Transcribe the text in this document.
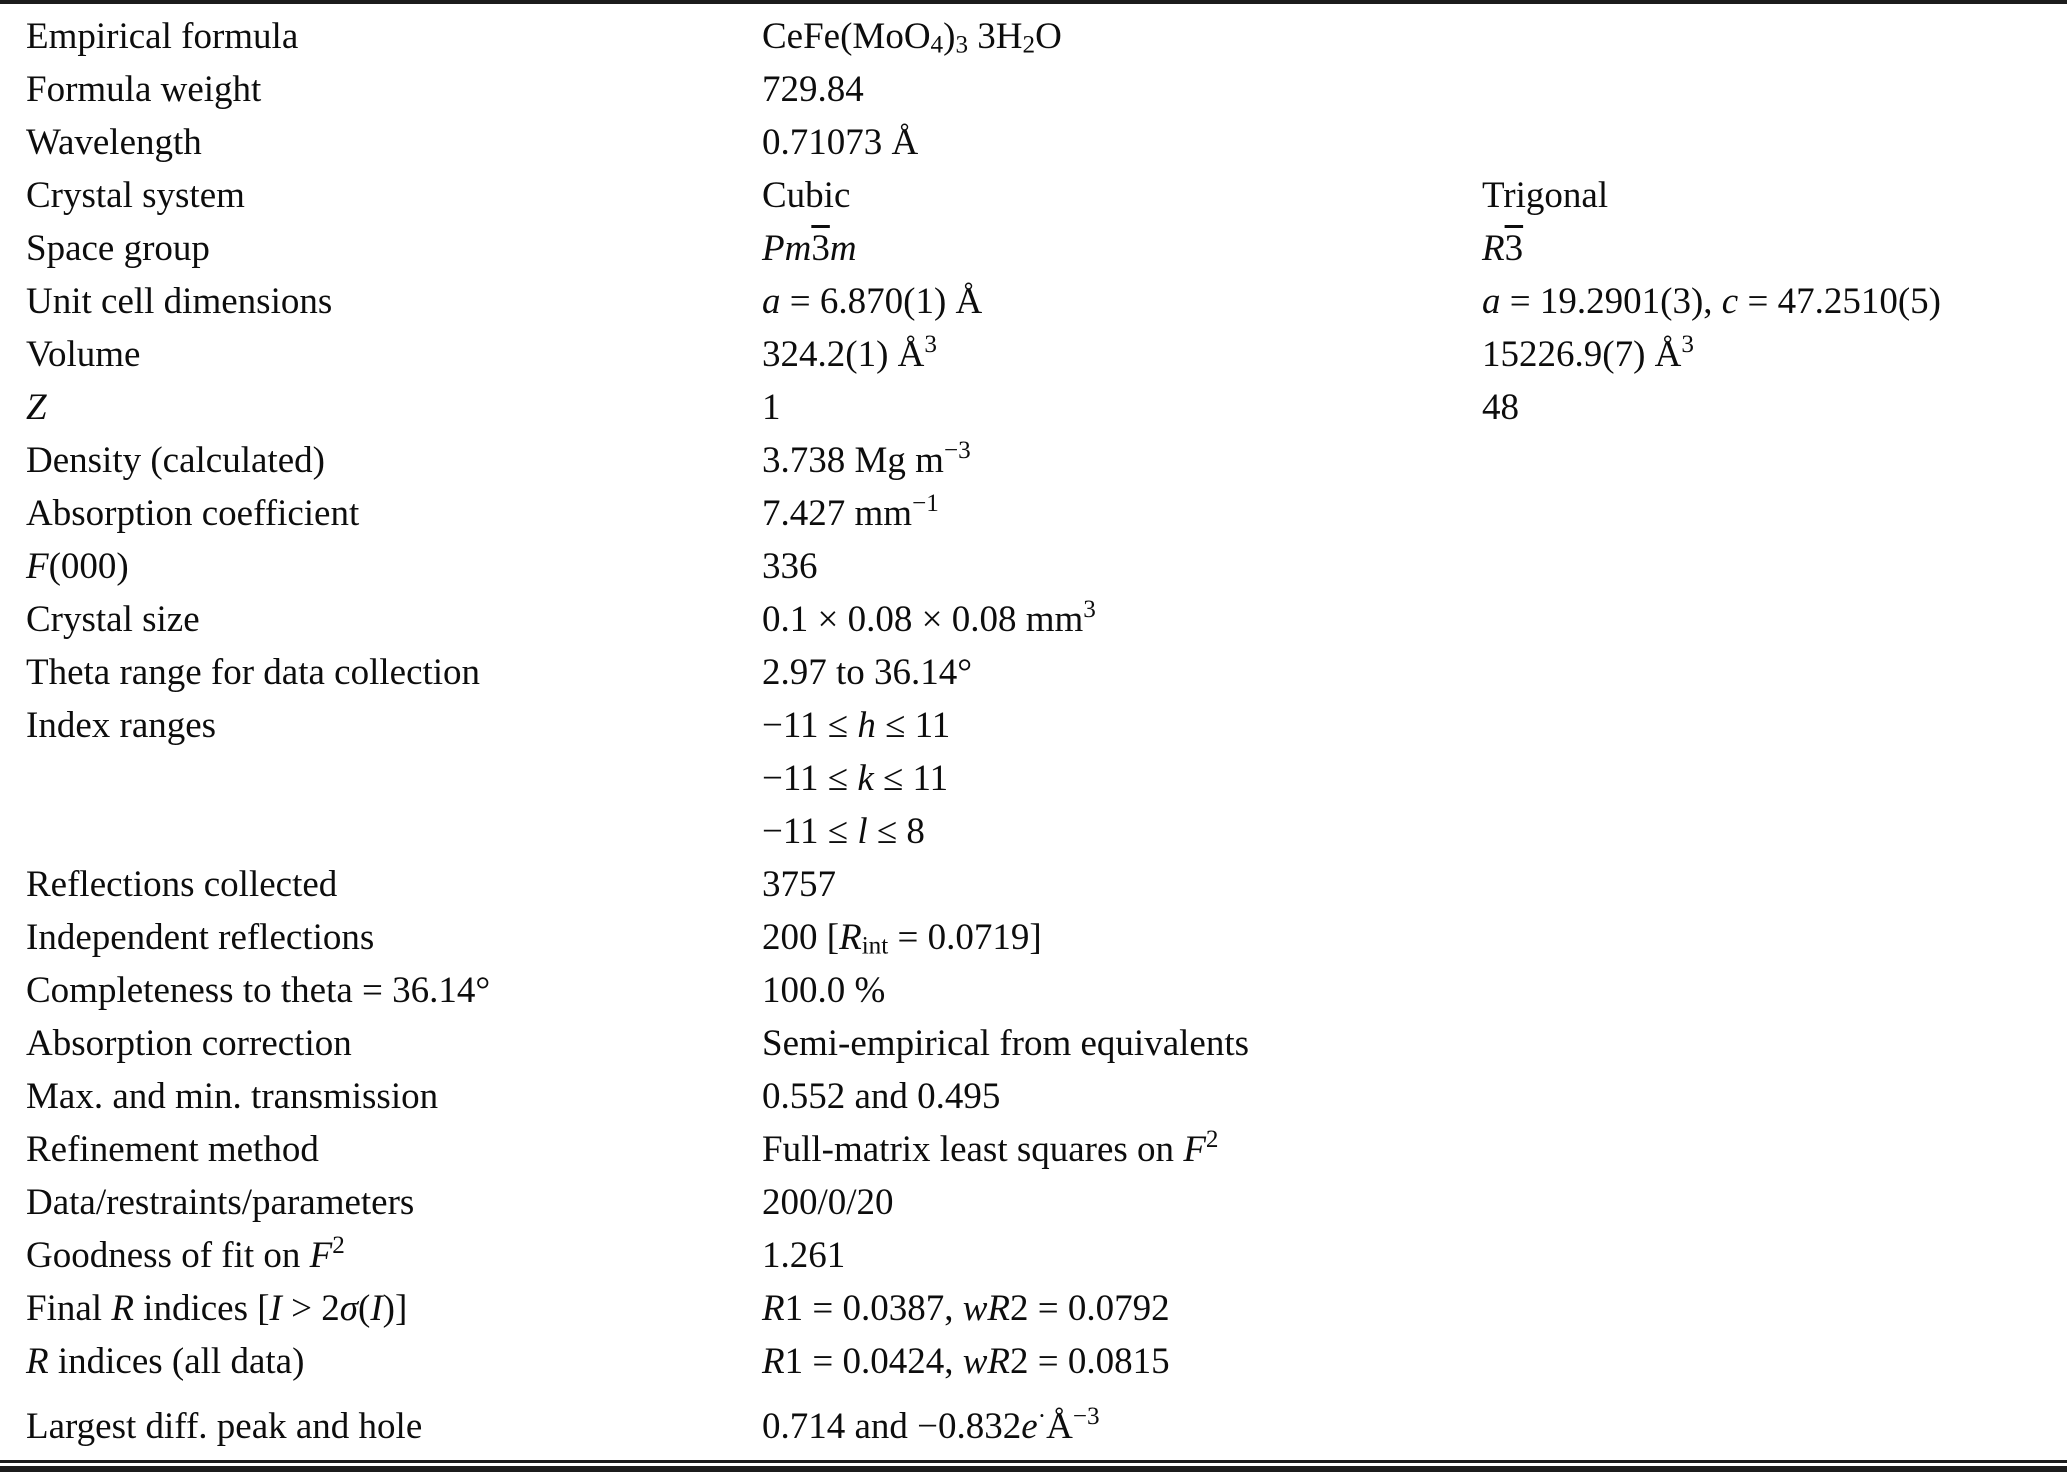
Empirical formula	$CeFe(MoO_4)_3$ $3H_2O$
Formula weight	729.84
Wavelength	0.71073 Å
Crystal system	Cubic	Trigonal
Space group	Pm3m	R3
Unit cell dimensions	a = 6.870(1) Å	a = 19.2901(3), c = 47.2510(5)
Volume	324.2(1) $Å^3$	15226.9(7) $Å^3$
Z	1	48
Density (calculated)	3.738 Mg $m^{-3}$
Absorption coefficient	7.427 $mm^{-1}$
F(000)	336
Crystal size	0.1 × 0.08 × 0.08 $mm^3$
Theta range for data collection	2.97 to 36.14°
Index ranges	−11 ≤ h ≤ 11
−11 ≤ k ≤ 11
−11 ≤ l ≤ 8
Reflections collected	3757
Independent reflections	200 $[R_{int} = 0.0719]$
Completeness to theta = 36.14°	100.0 %
Absorption correction	Semi-empirical from equivalents
Max. and min. transmission	0.552 and 0.495
Refinement method	Full-matrix least squares on $F^2$
Data/restraints/parameters	200/0/20
Goodness of fit on $F^2$	1.261
Final R indices [I > 2σ(I)]	R1 = 0.0387, wR2 = 0.0792
R indices (all data)	R1 = 0.0424, wR2 = 0.0815
Largest diff. peak and hole	0.714 and $-0.832e^\cdot Å^{-3}$
